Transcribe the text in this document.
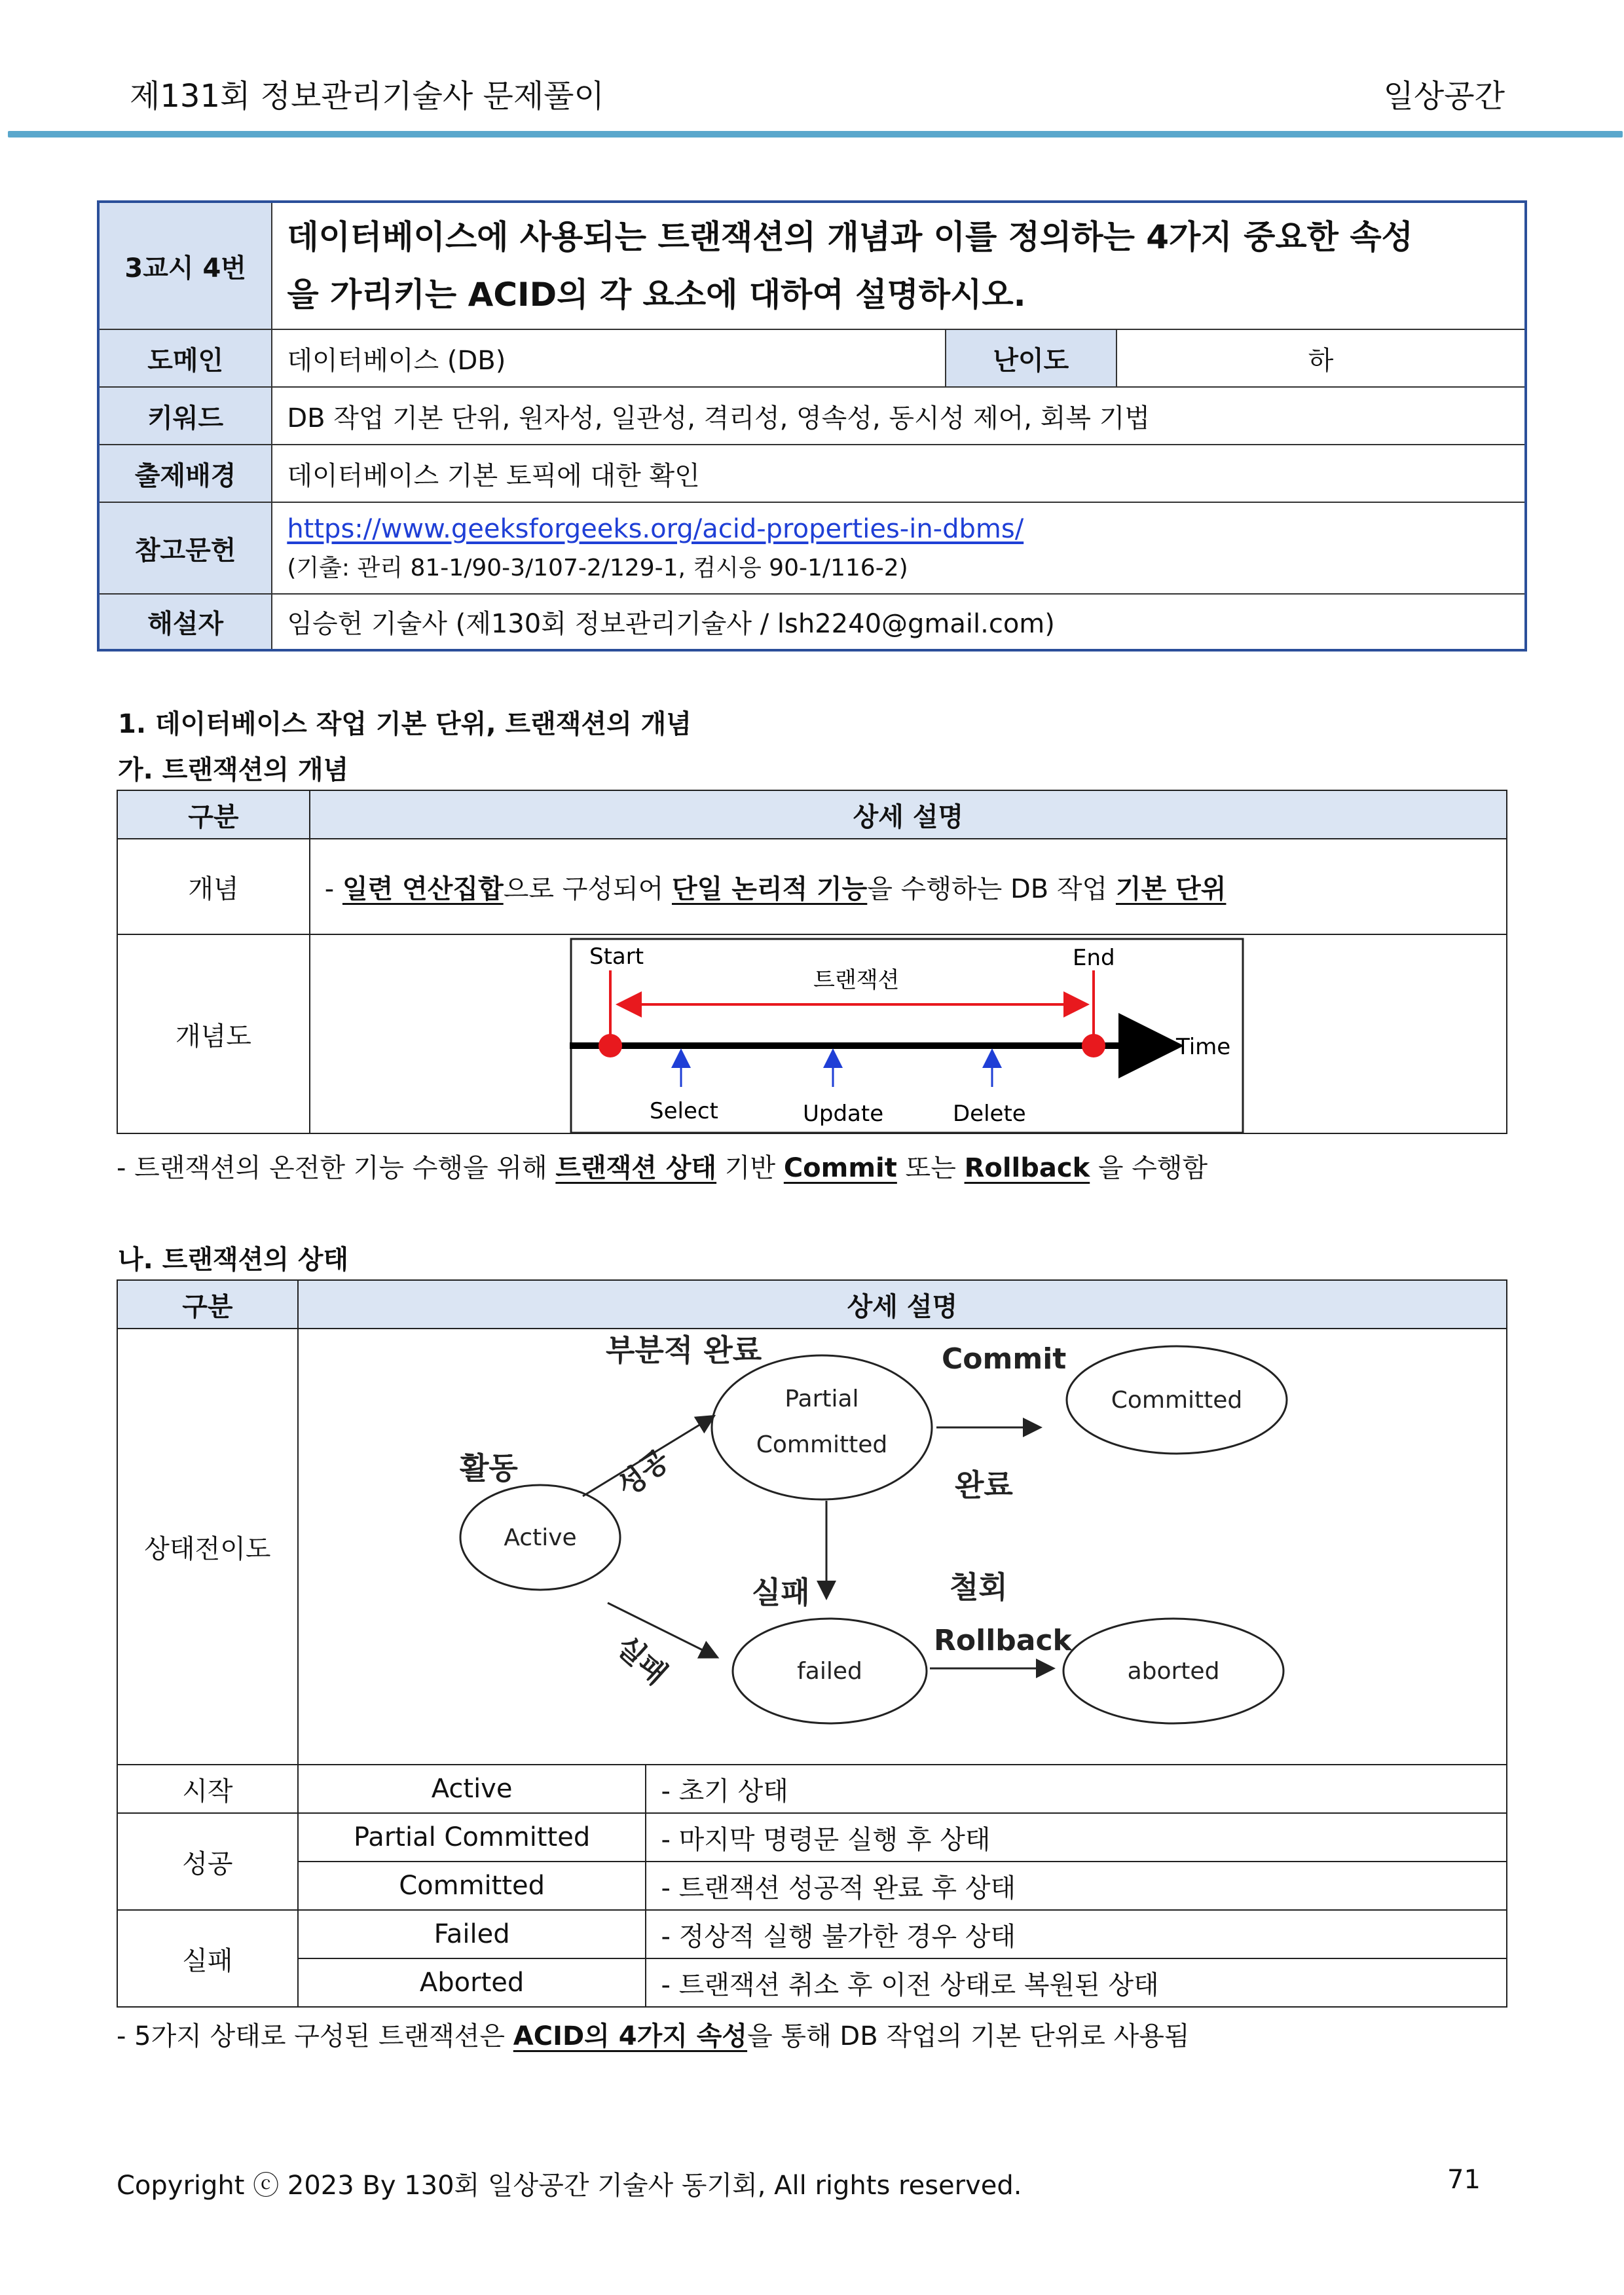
제131회 정보관리기술사 문제풀이	일상공간
3교시 4번	데이터베이스에 사용되는 트랜잭션의 개념과 이를 정의하는 4가지 중요한 속성
을 가리키는 ACID의 각 요소에 대하여 설명하시오.		

도메인	데이터베이스 (DB)	난이도	하
키워드	DB 작업 기본 단위, 원자성, 일관성, 격리성, 영속성, 동시성 제어, 회복 기법		
출제배경	데이터베이스 기본 토픽에 대한 확인		
참고문헌	https://www.geeksforgeeks.org/acid-properties-in-dbms/
(기출: 관리 81-1/90-3/107-2/129-1, 컴시응 90-1/116-2)		

해설자	임승헌 기술사 (제130회 정보관리기술사 / lsh2240@gmail.com)		
1. 데이터베이스 작업 기본 단위, 트랜잭션의 개념
가. 트랜잭션의 개념
구분	상세 설명
개념	- 일련 연산집합으로 구성되어 단일 논리적 기능을 수행하는 DB 작업 기본 단위
개념도	
Start	End
트랜잭션
Time
Select	Update	Delete
- 트랜잭션의 온전한 기능 수행을 위해 트랜잭션 상태 기반 Commit 또는 Rollback 을 수행함
나. 트랜잭션의 상태
구분	상세 설명	
상태전이도		
시작	Active	- 초기 상태
성공	Partial Committed	- 마지막 명령문 실행 후 상태
	Committed	- 트랜잭션 성공적 완료 후 상태
실패	Failed	- 정상적 실행 불가한 경우 상태
	Aborted	- 트랜잭션 취소 후 이전 상태로 복원된 상태
부분적 완료
활동	완료
실패	철회
Commit
Rollback
성공
실패
Active
Partial
Committed
Committed
failed	aborted
- 5가지 상태로 구성된 트랜잭션은 ACID의 4가지 속성을 통해 DB 작업의 기본 단위로 사용됨
Copyright ⓒ 2023 By 130회 일상공간 기술사 동기회, All rights reserved.	71
